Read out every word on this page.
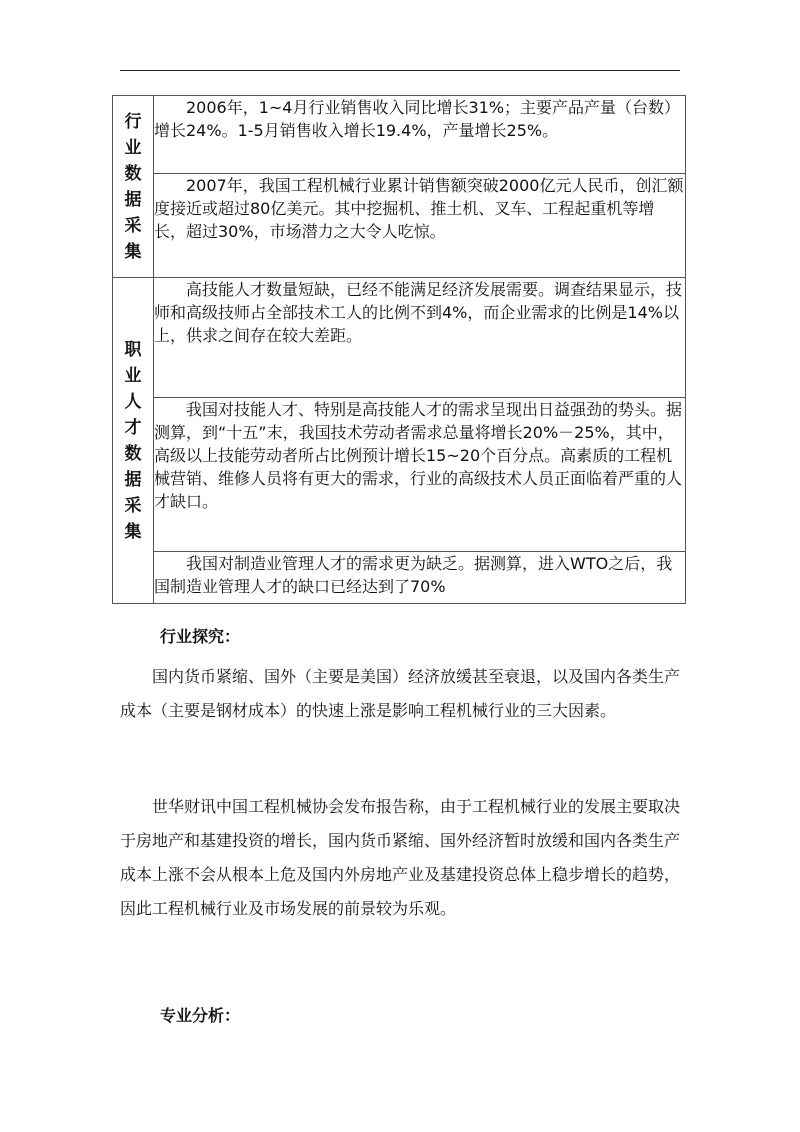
行业数据采集	2006年，1~4月行业销售收入同比增长31%；主要产品产量（台数）增长24%。1-5月销售收入增长19.4%，产量增长25%。

	2007年，我国工程机械行业累计销售额突破2000亿元人民币，创汇额度接近或超过80亿美元。其中挖掘机、推土机、叉车、工程起重机等增长，超过30%，市场潜力之大令人吃惊。

职业人才数据采集	高技能人才数量短缺，已经不能满足经济发展需要。调查结果显示，技师和高级技师占全部技术工人的比例不到4%，而企业需求的比例是14%以上，供求之间存在较大差距。

	我国对技能人才、特别是高技能人才的需求呈现出日益强劲的势头。据测算，到“十五”末，我国技术劳动者需求总量将增长20%－25%，其中，高级以上技能劳动者所占比例预计增长15~20个百分点。高素质的工程机械营销、维修人员将有更大的需求，行业的高级技术人员正面临着严重的人才缺口。

	我国对制造业管理人才的需求更为缺乏。据测算，进入WTO之后，我国制造业管理人才的缺口已经达到了70%

行业探究：

国内货币紧缩、国外（主要是美国）经济放缓甚至衰退，以及国内各类生产成本（主要是钢材成本）的快速上涨是影响工程机械行业的三大因素。

世华财讯中国工程机械协会发布报告称，由于工程机械行业的发展主要取决于房地产和基建投资的增长，国内货币紧缩、国外经济暂时放缓和国内各类生产成本上涨不会从根本上危及国内外房地产业及基建投资总体上稳步增长的趋势，因此工程机械行业及市场发展的前景较为乐观。

专业分析：
